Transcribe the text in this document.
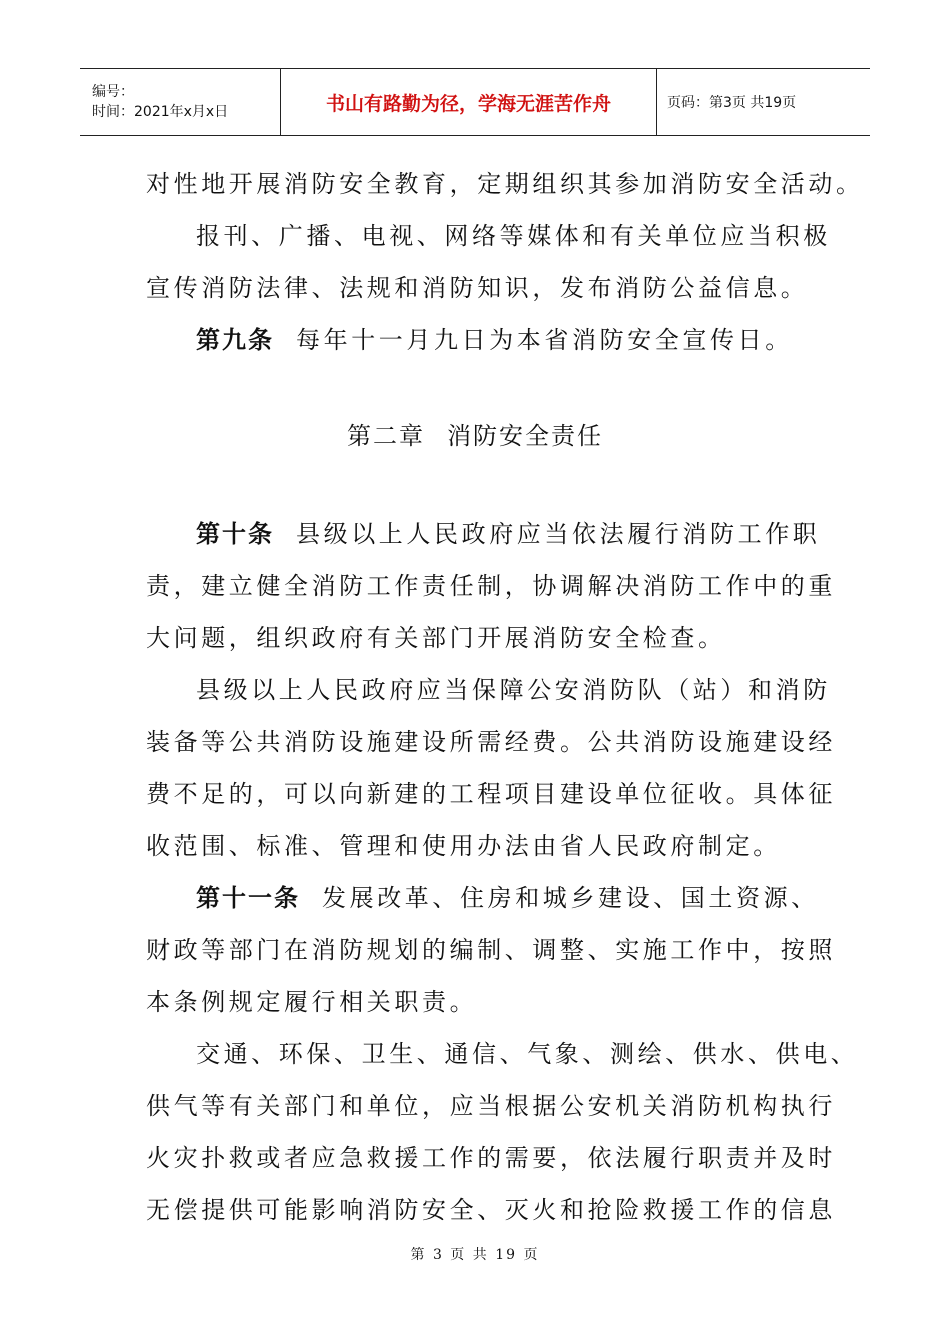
编号：
时间：2021年x月x日	书山有路勤为径，学海无涯苦作舟	页码：第3页 共19页
对性地开展消防安全教育，定期组织其参加消防安全活动。
报刊、广播、电视、网络等媒体和有关单位应当积极
宣传消防法律、法规和消防知识，发布消防公益信息。
第九条 每年十一月九日为本省消防安全宣传日。
第二章 消防安全责任
第十条 县级以上人民政府应当依法履行消防工作职
责，建立健全消防工作责任制，协调解决消防工作中的重
大问题，组织政府有关部门开展消防安全检查。
县级以上人民政府应当保障公安消防队（站）和消防
装备等公共消防设施建设所需经费。公共消防设施建设经
费不足的，可以向新建的工程项目建设单位征收。具体征
收范围、标准、管理和使用办法由省人民政府制定。
第十一条 发展改革、住房和城乡建设、国土资源、
财政等部门在消防规划的编制、调整、实施工作中，按照
本条例规定履行相关职责。
交通、环保、卫生、通信、气象、测绘、供水、供电、
供气等有关部门和单位，应当根据公安机关消防机构执行
火灾扑救或者应急救援工作的需要，依法履行职责并及时
无偿提供可能影响消防安全、灭火和抢险救援工作的信息
第 3 页 共 19 页
